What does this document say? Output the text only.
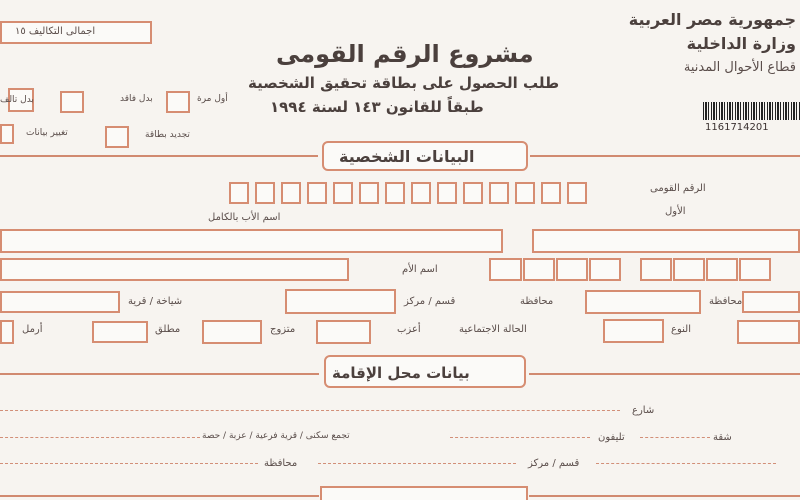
جمهورية مصر العربية
وزارة الداخلية
قطاع الأحوال المدنية
1161714201
اجمالى التكاليف ١٥
مشروع الرقم القومى
طلب الحصول على بطاقة تحقيق الشخصية
طبقاً للقانون ١٤٣ لسنة ١٩٩٤
بدل تالف	بدل فاقد	أول مرة
تغيير بيانات	تجديد بطاقة
البيانات الشخصية
الرقم القومى
الأول
اسم الأب بالكامل
اسم الأم
شياخة / قرية	قسم / مركز	محافظة
محافظة
أرمل	مطلق	متزوج	أعزب	الحالة الاجتماعية	النوع
بيانات محل الإقامة
شارع
تجمع سكنى / قرية فرعية / عزبة / حصة	تليفون	شقة
محافظة	قسم / مركز
